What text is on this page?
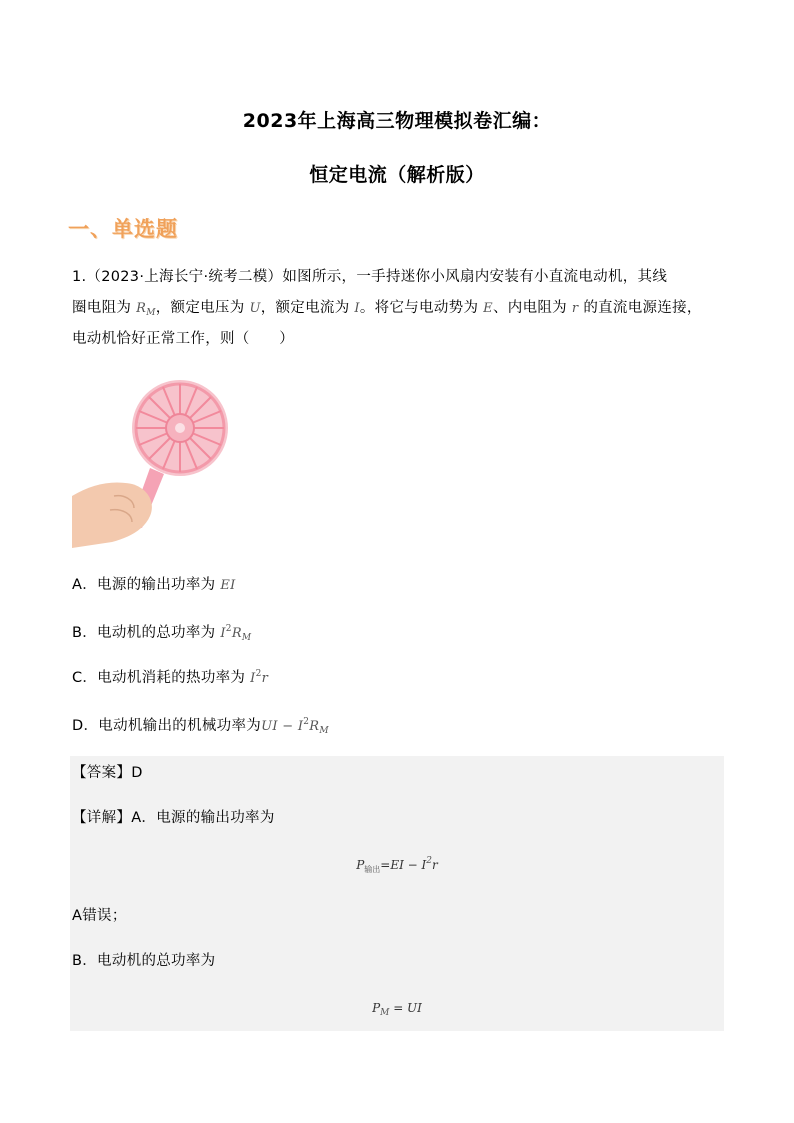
2023年上海高三物理模拟卷汇编：
恒定电流（解析版）
一、单选题
1.（2023·上海长宁·统考二模）如图所示，一手持迷你小风扇内安装有小直流电动机，其线
圈电阻为 $R_M$，额定电压为 U，额定电流为 I。将它与电动势为 E、内电阻为 r 的直流电源连接，
电动机恰好正常工作，则（　　）
A．电源的输出功率为 EI
B．电动机的总功率为 $I^2R_M$
C．电动机消耗的热功率为 $I^2r$
D．电动机输出的机械功率为UI − $I^2R_M$
【答案】D
【详解】A．电源的输出功率为
$P_{输出}=EI - I^2r$
A错误；
B．电动机的总功率为
$P_M$ = UI
